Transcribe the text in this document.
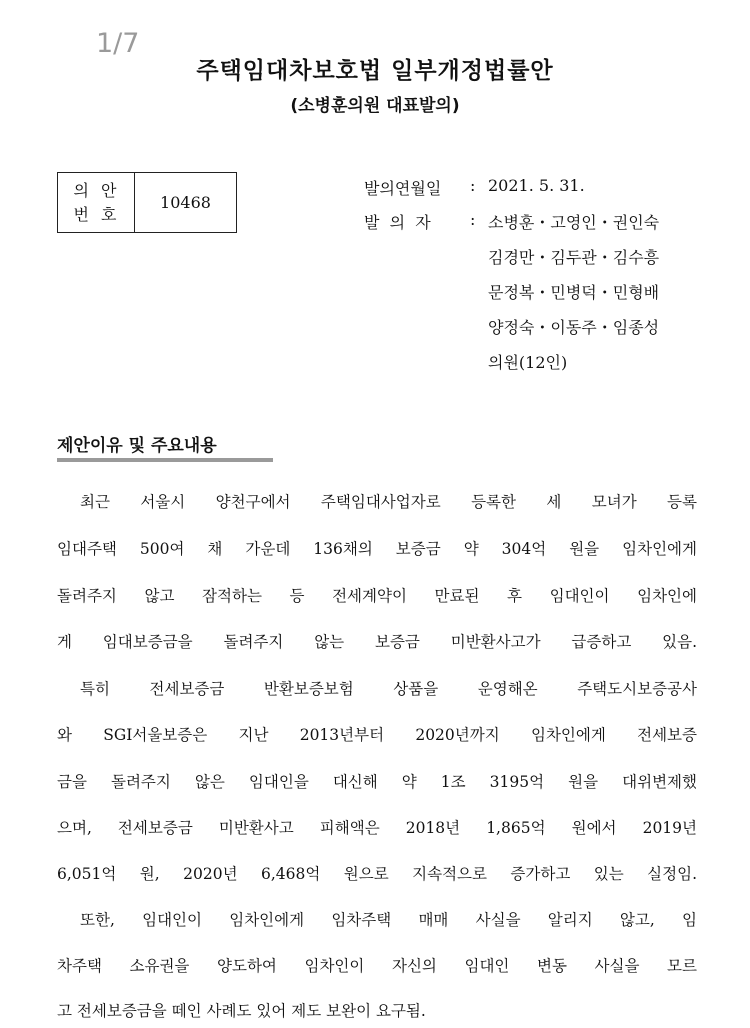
1/7
주택임대차보호법 일부개정법률안
(소병훈의원 대표발의)
의안
번호
10468
발의연월일 : 2021. 5. 31.
발  의  자 : 소병훈・고영인・권인숙
김경만・김두관・김수흥
문정복・민병덕・민형배
양정숙・이동주・임종성
의원(12인)
제안이유 및 주요내용
최근 서울시 양천구에서 주택임대사업자로 등록한 세 모녀가 등록
임대주택 500여 채 가운데 136채의 보증금 약 304억 원을 임차인에게
돌려주지 않고 잠적하는 등 전세계약이 만료된 후 임대인이 임차인에
게 임대보증금을 돌려주지 않는 보증금 미반환사고가 급증하고 있음.
특히 전세보증금 반환보증보험 상품을 운영해온 주택도시보증공사
와 SGI서울보증은 지난 2013년부터 2020년까지 임차인에게 전세보증
금을 돌려주지 않은 임대인을 대신해 약 1조 3195억 원을 대위변제했
으며, 전세보증금 미반환사고 피해액은 2018년 1,865억 원에서 2019년
6,051억 원, 2020년 6,468억 원으로 지속적으로 증가하고 있는 실정임.
또한, 임대인이 임차인에게 임차주택 매매 사실을 알리지 않고, 임
차주택 소유권을 양도하여 임차인이 자신의 임대인 변동 사실을 모르
고 전세보증금을 떼인 사례도 있어 제도 보완이 요구됨.
